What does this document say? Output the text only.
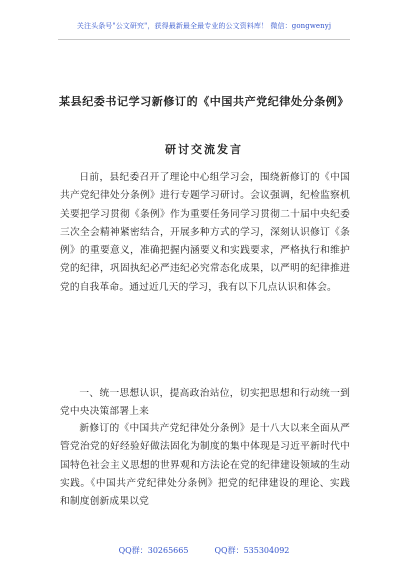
关注头条号"公文研究"，获得最新最全最专业的公文资料库！ 微信：gongwenyj
某县纪委书记学习新修订的《中国共产党纪律处分条例》
研讨交流发言

日前，县纪委召开了理论中心组学习会，围绕新修订的《中国共产党纪律处分条例》进行专题学习研讨。会议强调，纪检监察机关要把学习贯彻《条例》作为重要任务同学习贯彻二十届中央纪委三次全会精神紧密结合，开展多种方式的学习，深刻认识修订《条例》的重要意义，准确把握内涵要义和实践要求，严格执行和维护党的纪律，巩固执纪必严违纪必究常态化成果，以严明的纪律推进党的自我革命。通过近几天的学习，我有以下几点认识和体会。

一、统一思想认识，提高政治站位，切实把思想和行动统一到党中央决策部署上来

新修订的《中国共产党纪律处分条例》是十八大以来全面从严管党治党的好经验好做法固化为制度的集中体现是习近平新时代中国特色社会主义思想的世界观和方法论在党的纪律建设领域的生动实践。《中国共产党纪律处分条例》把党的纪律建设的理论、实践和制度创新成果以党

QQ群：30265665	QQ群：535304092
